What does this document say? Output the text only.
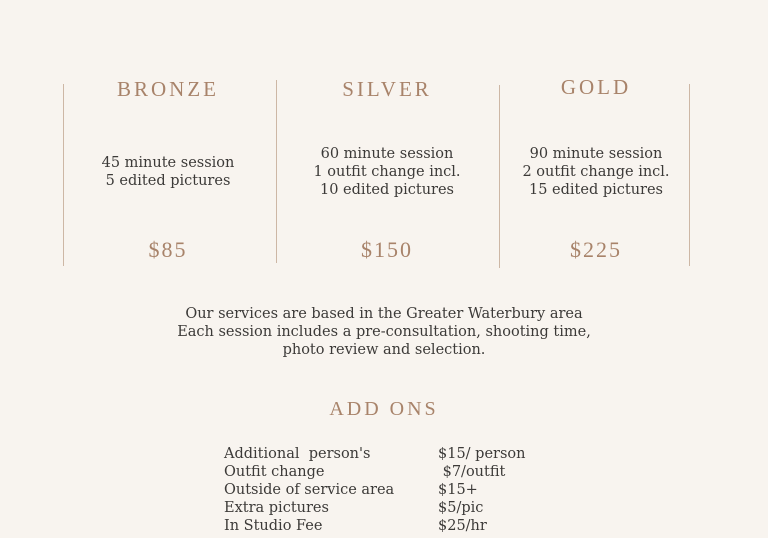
BRONZE
45 minute session
5 edited pictures
$85
SILVER
60 minute session
1 outfit change incl.
10 edited pictures
$150
GOLD
90 minute session
2 outfit change incl.
15 edited pictures
$225
Our services are based in the Greater Waterbury area
Each session includes a pre-consultation, shooting time,
photo review and selection.
ADD ONS
Additional  person's	$15/ person
Outfit change	$7/outfit
Outside of service area	$15+
Extra pictures	$5/pic
In Studio Fee	$25/hr
